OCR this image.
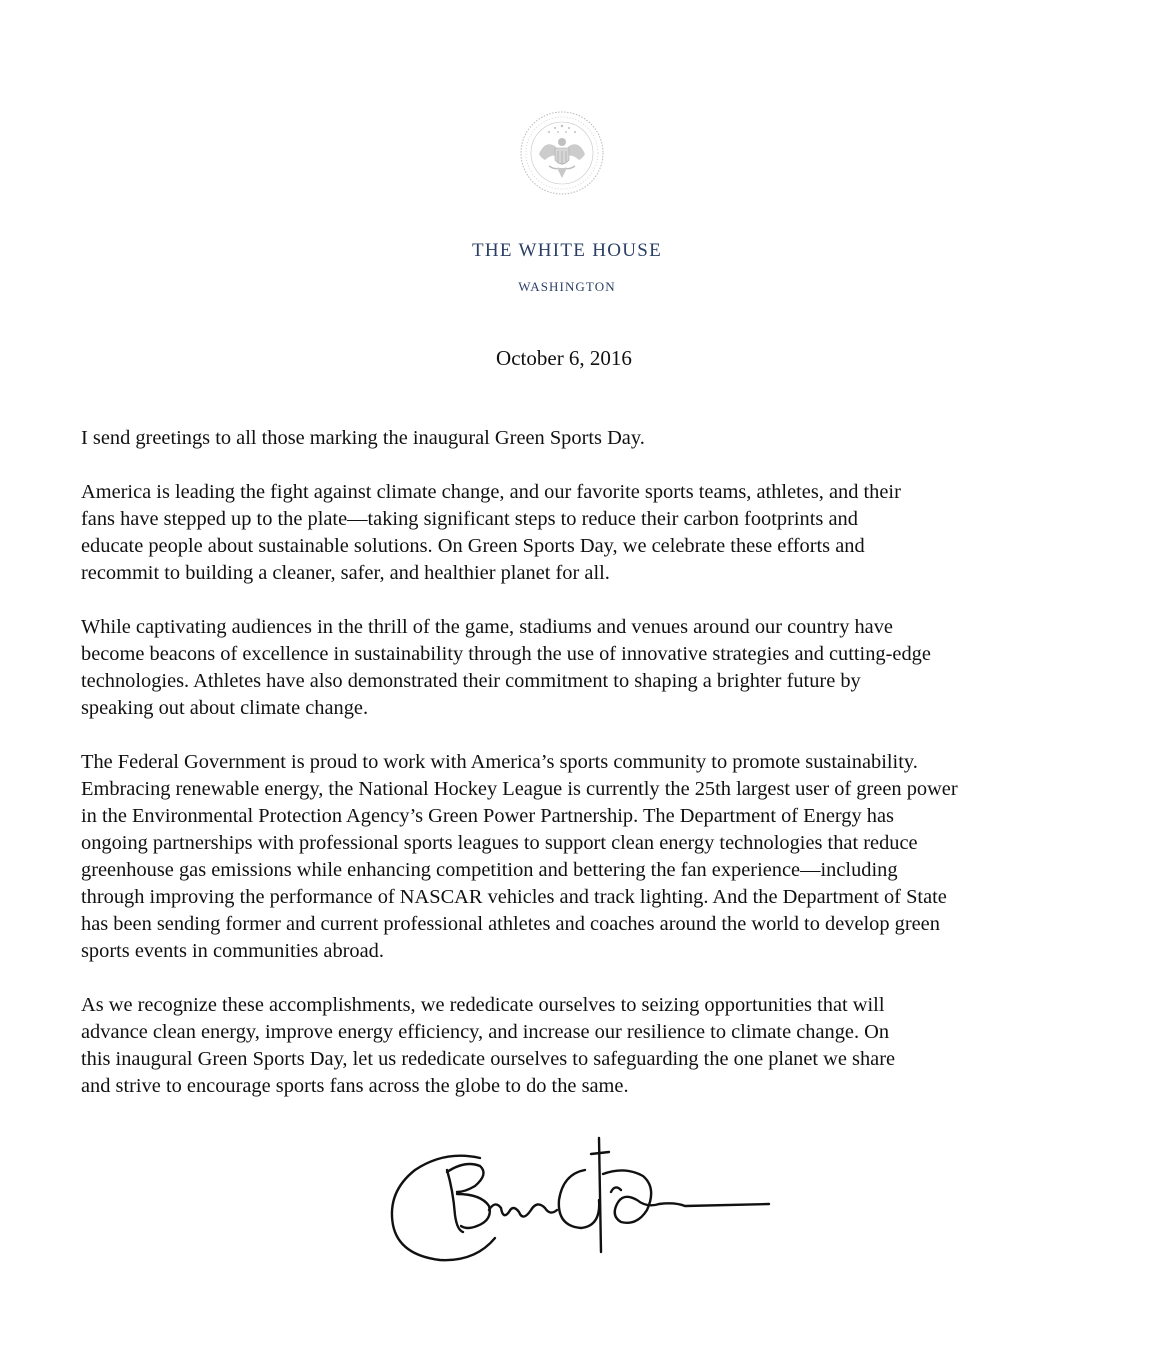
THE WHITE HOUSE
WASHINGTON
October 6, 2016

I send greetings to all those marking the inaugural Green Sports Day.

America is leading the fight against climate change, and our favorite sports teams, athletes, and their
fans have stepped up to the plate—taking significant steps to reduce their carbon footprints and
educate people about sustainable solutions. On Green Sports Day, we celebrate these efforts and
recommit to building a cleaner, safer, and healthier planet for all.

While captivating audiences in the thrill of the game, stadiums and venues around our country have
become beacons of excellence in sustainability through the use of innovative strategies and cutting-edge
technologies. Athletes have also demonstrated their commitment to shaping a brighter future by
speaking out about climate change.

The Federal Government is proud to work with America’s sports community to promote sustainability.
Embracing renewable energy, the National Hockey League is currently the 25th largest user of green power
in the Environmental Protection Agency’s Green Power Partnership. The Department of Energy has
ongoing partnerships with professional sports leagues to support clean energy technologies that reduce
greenhouse gas emissions while enhancing competition and bettering the fan experience—including
through improving the performance of NASCAR vehicles and track lighting. And the Department of State
has been sending former and current professional athletes and coaches around the world to develop green
sports events in communities abroad.

As we recognize these accomplishments, we rededicate ourselves to seizing opportunities that will
advance clean energy, improve energy efficiency, and increase our resilience to climate change. On
this inaugural Green Sports Day, let us rededicate ourselves to safeguarding the one planet we share
and strive to encourage sports fans across the globe to do the same.
